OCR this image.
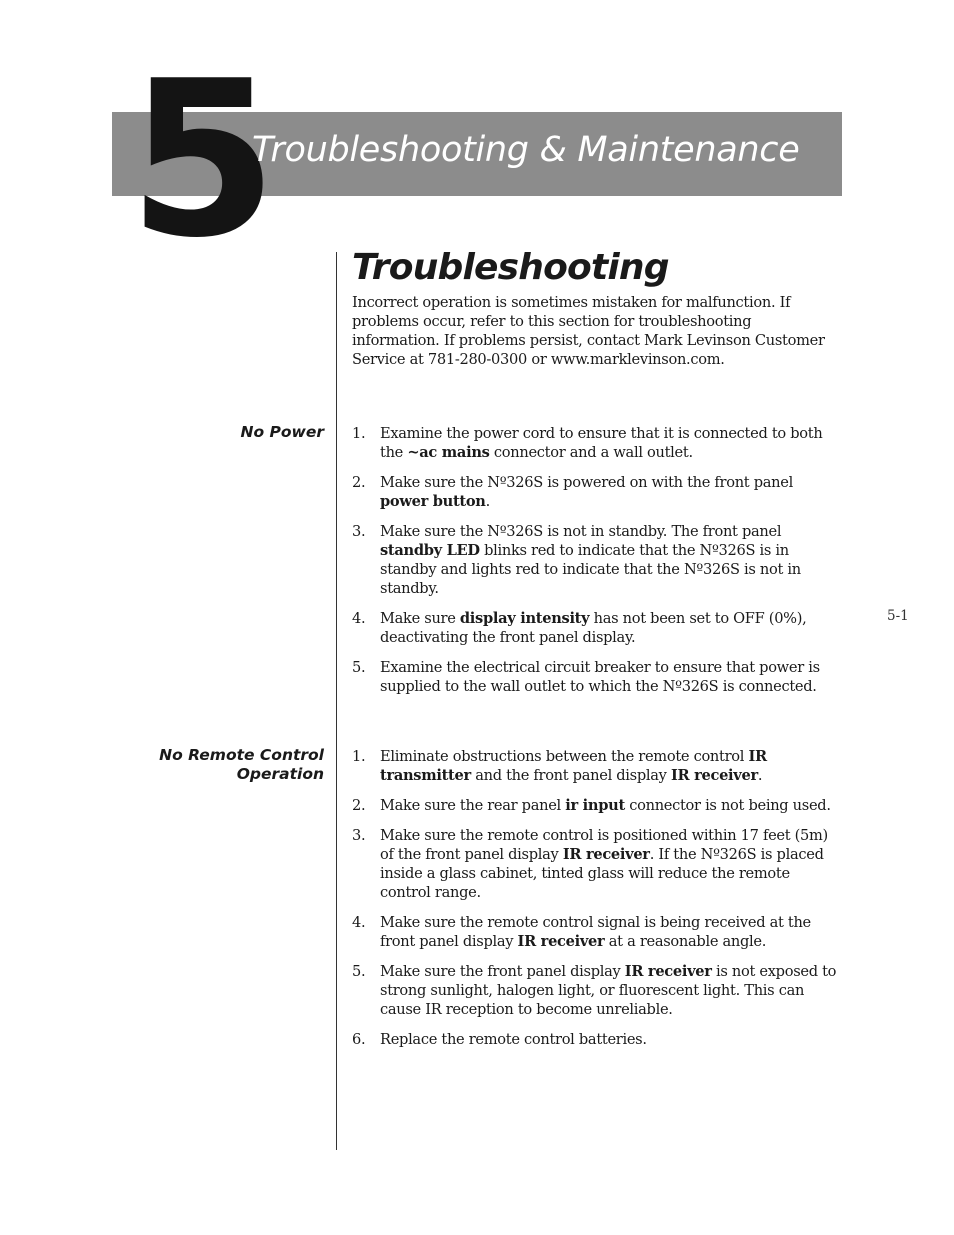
5
Troubleshooting & Maintenance
Troubleshooting

Incorrect operation is sometimes mistaken for malfunction. If problems occur, refer to this section for troubleshooting information. If problems persist, contact Mark Levinson Customer Service at 781-280-0300 or www.marklevinson.com.

No Power 1. Examine the power cord to ensure that it is connected to both the ~ac mains connector and a wall outlet.
2. Make sure the Nº326S is powered on with the front panel power button.
3. Make sure the Nº326S is not in standby. The front panel standby LED blinks red to indicate that the Nº326S is in standby and lights red to indicate that the Nº326S is not in standby.
4. Make sure display intensity has not been set to OFF (0%), deactivating the front panel display.
5. Examine the electrical circuit breaker to ensure that power is supplied to the wall outlet to which the Nº326S is connected.
No Remote Control
Operation
1. Eliminate obstructions between the remote control IR transmitter and the front panel display IR receiver.
2. Make sure the rear panel ir input connector is not being used.
3. Make sure the remote control is positioned within 17 feet (5m) of the front panel display IR receiver. If the Nº326S is placed inside a glass cabinet, tinted glass will reduce the remote control range.
4. Make sure the remote control signal is being received at the front panel display IR receiver at a reasonable angle.
5. Make sure the front panel display IR receiver is not exposed to strong sunlight, halogen light, or fluorescent light. This can cause IR reception to become unreliable.
6. Replace the remote control batteries.
5-1
